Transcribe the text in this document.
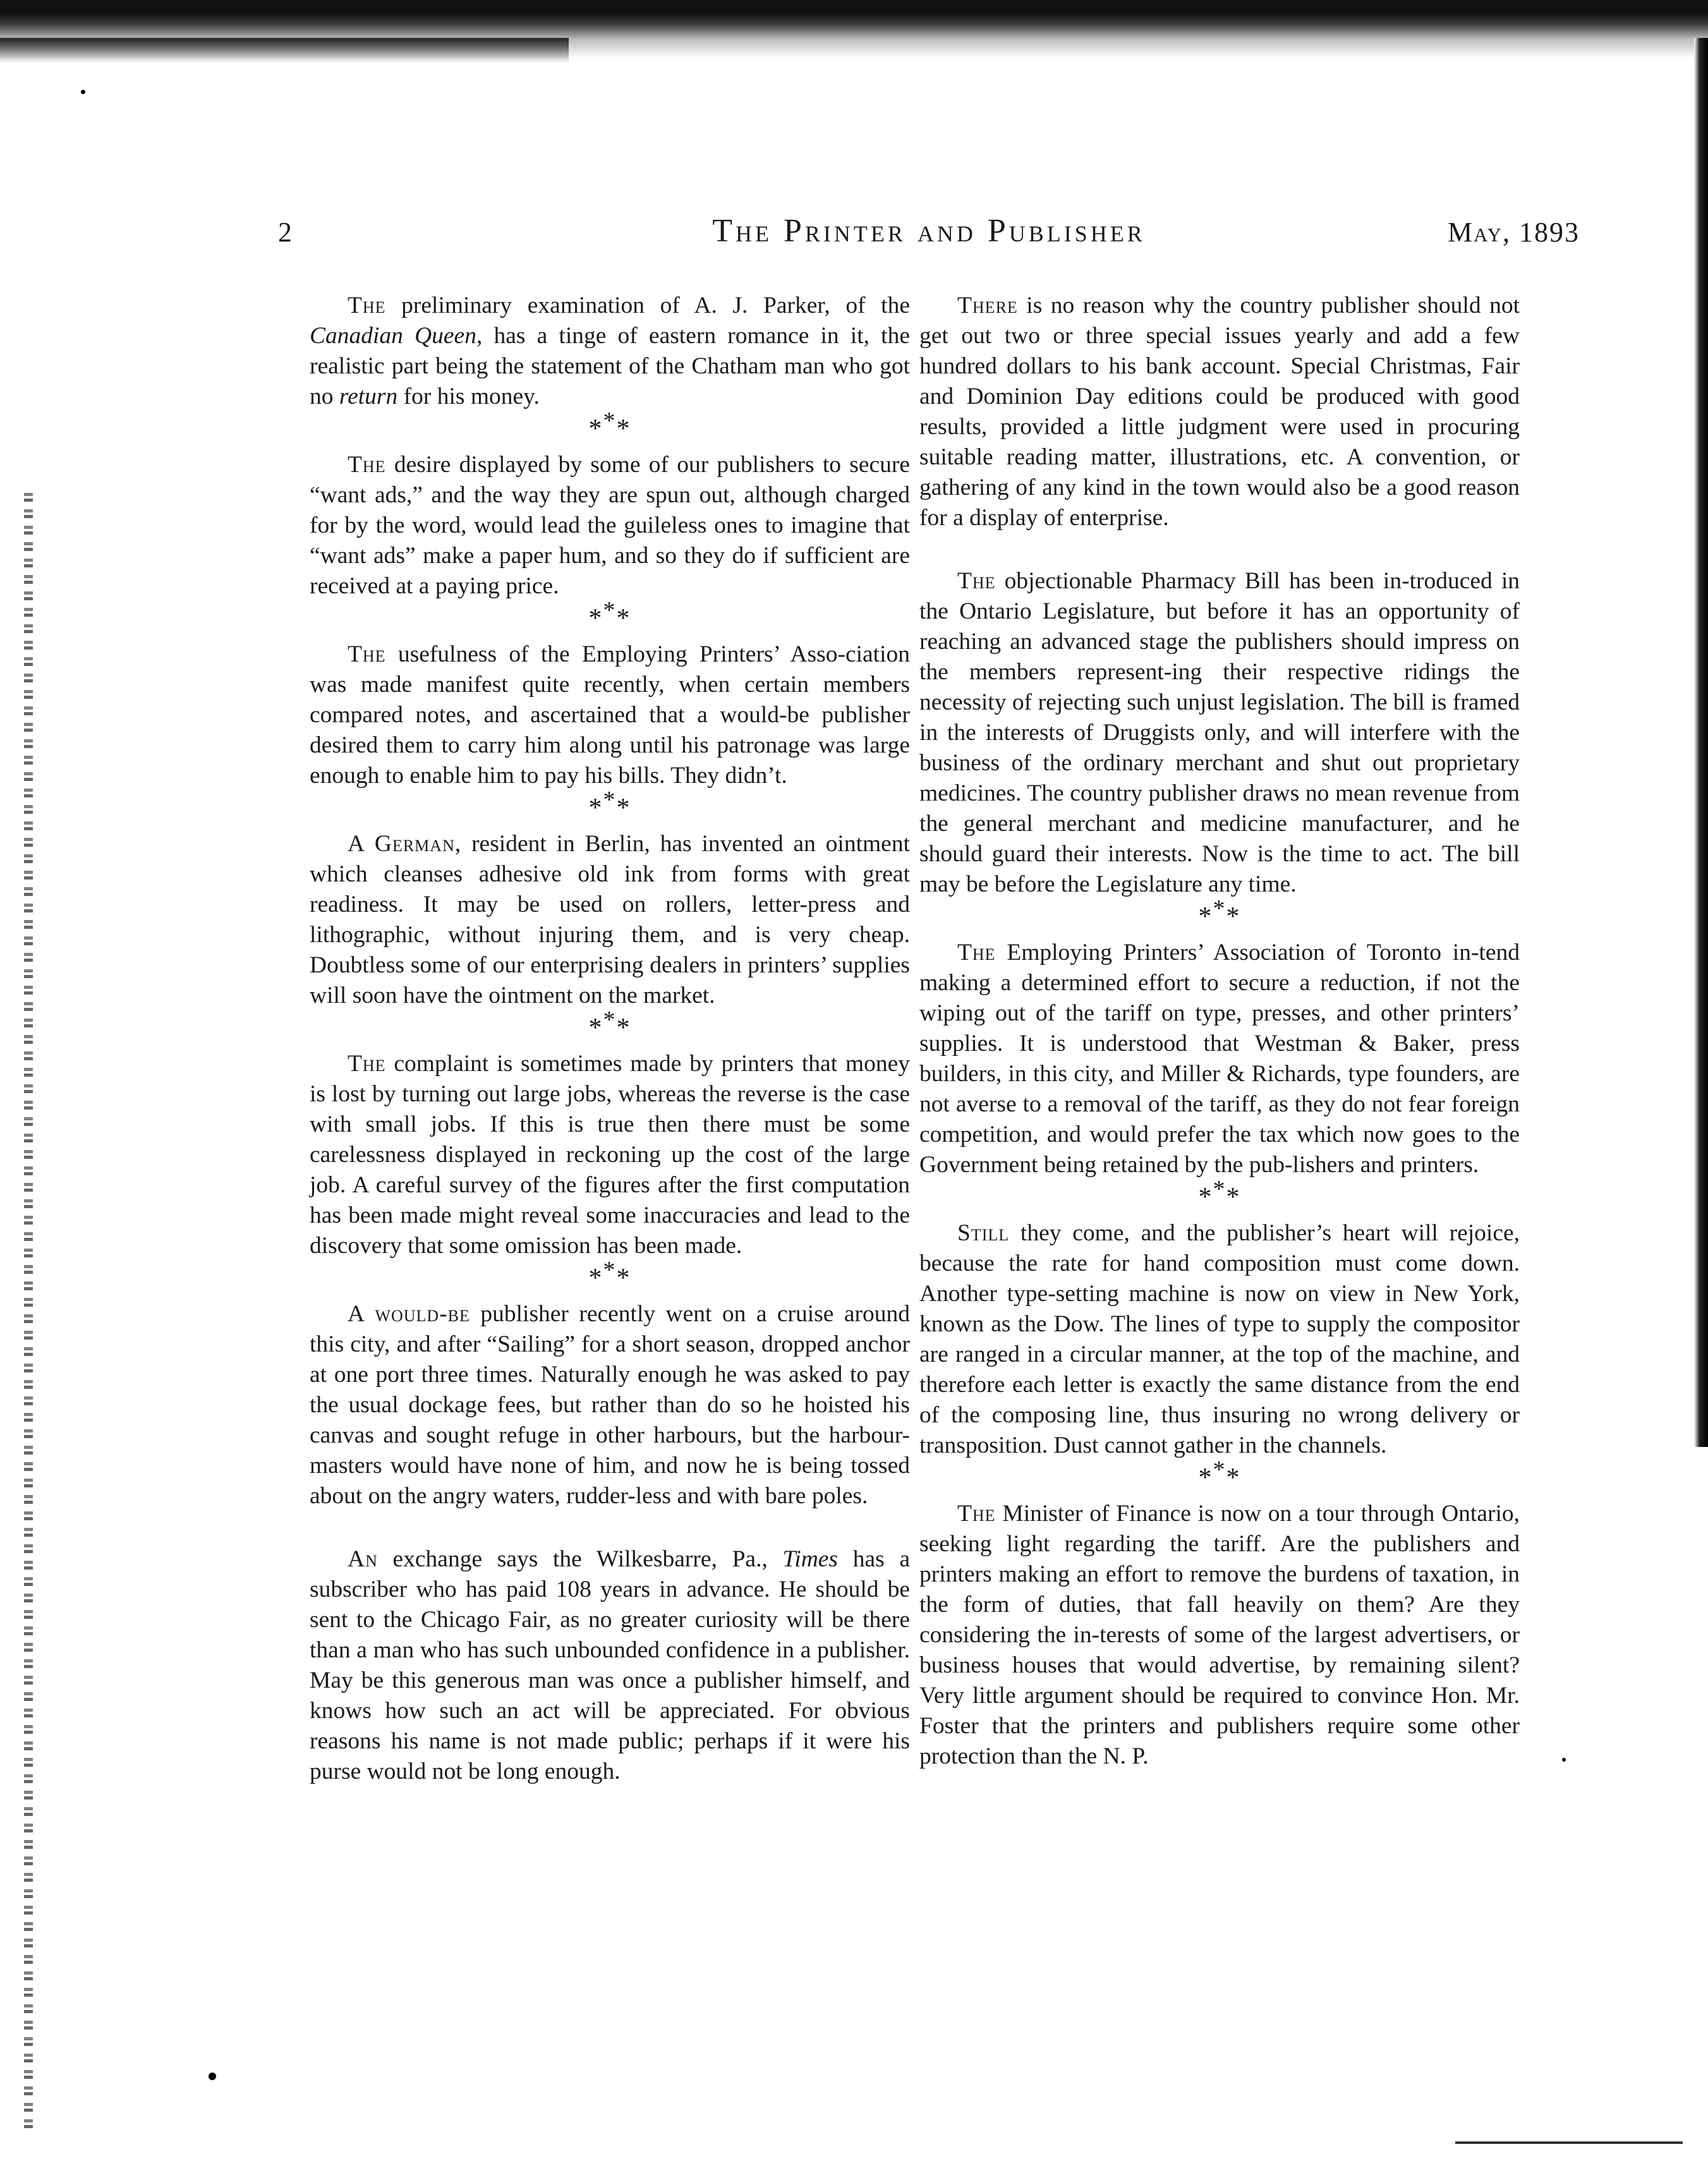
2	The Printer and Publisher	May, 1893

The preliminary examination of A. J. Parker, of the Canadian Queen, has a tinge of eastern romance in it, the realistic part being the statement of the Chatham man who got no return for his money.

***

The desire displayed by some of our publishers to secure “want ads,” and the way they are spun out, although charged for by the word, would lead the guileless ones to imagine that “want ads” make a paper hum, and so they do if sufficient are received at a paying price.

***

The usefulness of the Employing Printers’ Asso-ciation was made manifest quite recently, when certain members compared notes, and ascertained that a would-be publisher desired them to carry him along until his patronage was large enough to enable him to pay his bills. They didn’t.

***

A German, resident in Berlin, has invented an ointment which cleanses adhesive old ink from forms with great readiness. It may be used on rollers, letter-press and lithographic, without injuring them, and is very cheap. Doubtless some of our enterprising dealers in printers’ supplies will soon have the ointment on the market.

***

The complaint is sometimes made by printers that money is lost by turning out large jobs, whereas the reverse is the case with small jobs. If this is true then there must be some carelessness displayed in reckoning up the cost of the large job. A careful survey of the figures after the first computation has been made might reveal some inaccuracies and lead to the discovery that some omission has been made.

***

A would-be publisher recently went on a cruise around this city, and after “Sailing” for a short season, dropped anchor at one port three times. Naturally enough he was asked to pay the usual dockage fees, but rather than do so he hoisted his canvas and sought refuge in other harbours, but the harbour-masters would have none of him, and now he is being tossed about on the angry waters, rudder-less and with bare poles.

An exchange says the Wilkesbarre, Pa., Times has a subscriber who has paid 108 years in advance. He should be sent to the Chicago Fair, as no greater curiosity will be there than a man who has such unbounded confidence in a publisher. May be this generous man was once a publisher himself, and knows how such an act will be appreciated. For obvious reasons his name is not made public; perhaps if it were his purse would not be long enough.

There is no reason why the country publisher should not get out two or three special issues yearly and add a few hundred dollars to his bank account. Special Christmas, Fair and Dominion Day editions could be produced with good results, provided a little judgment were used in procuring suitable reading matter, illustrations, etc. A convention, or gathering of any kind in the town would also be a good reason for a display of enterprise.

The objectionable Pharmacy Bill has been in-troduced in the Ontario Legislature, but before it has an opportunity of reaching an advanced stage the publishers should impress on the members represent-ing their respective ridings the necessity of rejecting such unjust legislation. The bill is framed in the interests of Druggists only, and will interfere with the business of the ordinary merchant and shut out proprietary medicines. The country publisher draws no mean revenue from the general merchant and medicine manufacturer, and he should guard their interests. Now is the time to act. The bill may be before the Legislature any time.

***

The Employing Printers’ Association of Toronto in-tend making a determined effort to secure a reduction, if not the wiping out of the tariff on type, presses, and other printers’ supplies. It is understood that Westman & Baker, press builders, in this city, and Miller & Richards, type founders, are not averse to a removal of the tariff, as they do not fear foreign competition, and would prefer the tax which now goes to the Government being retained by the pub-lishers and printers.

***

Still they come, and the publisher’s heart will rejoice, because the rate for hand composition must come down. Another type-setting machine is now on view in New York, known as the Dow. The lines of type to supply the compositor are ranged in a circular manner, at the top of the machine, and therefore each letter is exactly the same distance from the end of the composing line, thus insuring no wrong delivery or transposition. Dust cannot gather in the channels.

***

The Minister of Finance is now on a tour through Ontario, seeking light regarding the tariff. Are the publishers and printers making an effort to remove the burdens of taxation, in the form of duties, that fall heavily on them? Are they considering the in-terests of some of the largest advertisers, or business houses that would advertise, by remaining silent? Very little argument should be required to convince Hon. Mr. Foster that the printers and publishers require some other protection than the N. P.
